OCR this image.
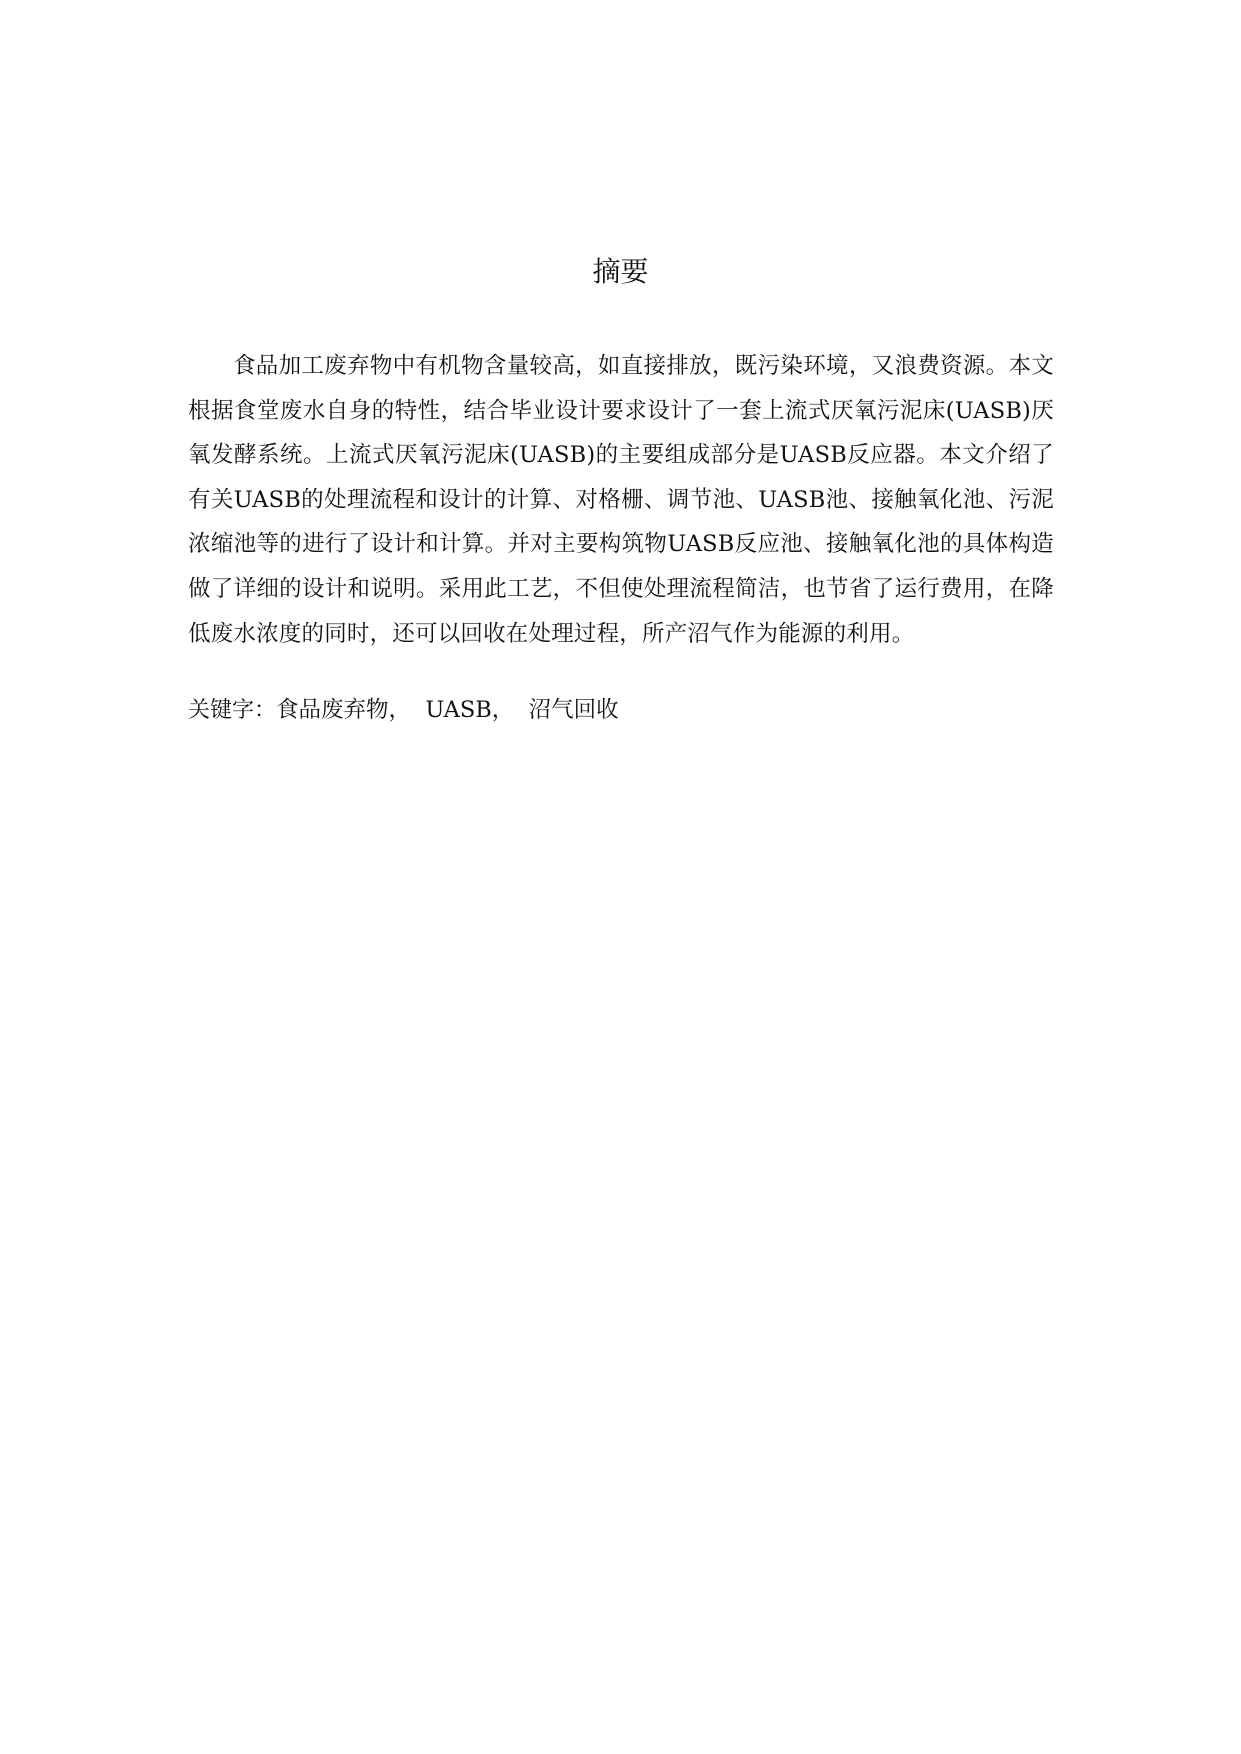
摘要

食品加工废弃物中有机物含量较高，如直接排放，既污染环境，又浪费资源。本文根据食堂废水自身的特性，结合毕业设计要求设计了一套上流式厌氧污泥床(UASB)厌氧发酵系统。上流式厌氧污泥床(UASB)的主要组成部分是UASB反应器。本文介绍了有关UASB的处理流程和设计的计算、对格栅、调节池、UASB池、接触氧化池、污泥浓缩池等的进行了设计和计算。并对主要构筑物UASB反应池、接触氧化池的具体构造做了详细的设计和说明。采用此工艺，不但使处理流程简洁，也节省了运行费用，在降低废水浓度的同时，还可以回收在处理过程，所产沼气作为能源的利用。

关键字：食品废弃物， UASB， 沼气回收
